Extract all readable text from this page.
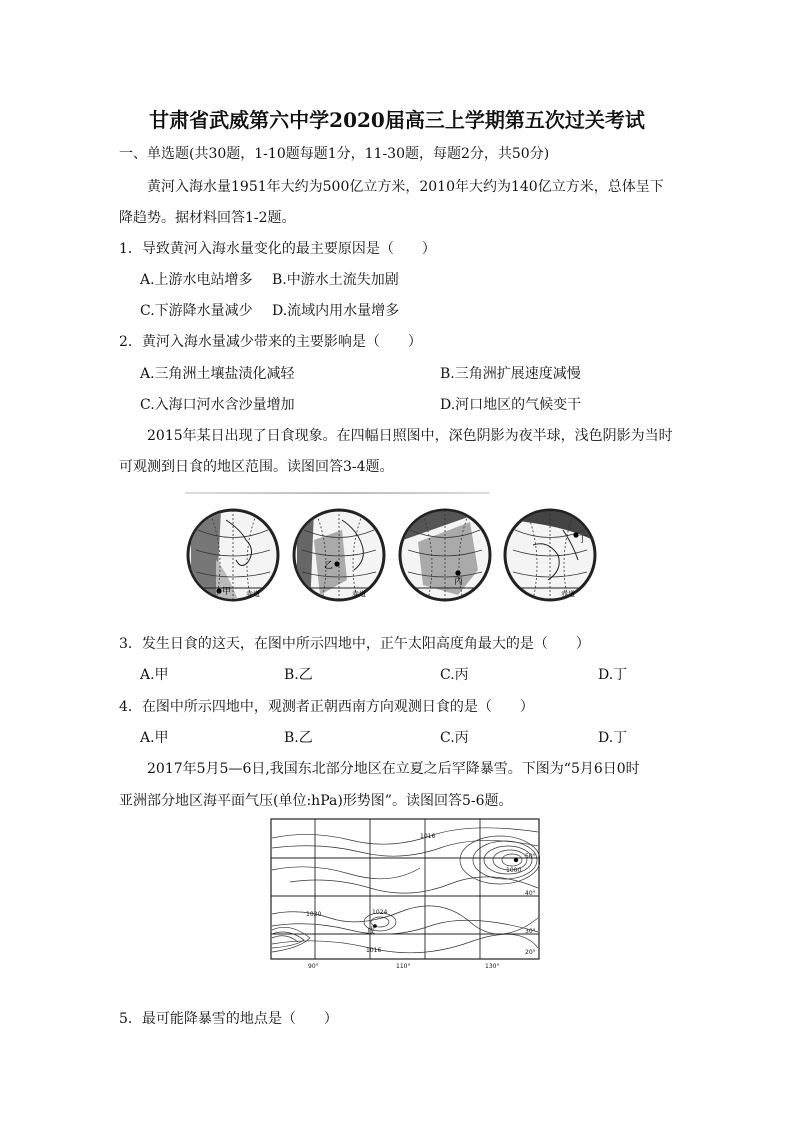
甘肃省武威第六中学2020届高三上学期第五次过关考试
一、单选题(共30题，1-10题每题1分，11-30题，每题2分，共50分)
黄河入海水量1951年大约为500亿立方米，2010年大约为140亿立方米，总体呈下
降趋势。据材料回答1-2题。
1．导致黄河入海水量变化的最主要原因是（　　）
A.上游水电站增多 B.中游水土流失加剧
C.下游降水量减少 D.流域内用水量增多
2．黄河入海水量减少带来的主要影响是（　　）
A.三角洲土壤盐渍化减轻	B.三角洲扩展速度减慢
C.入海口河水含沙量增加	D.河口地区的气候变干
2015年某日出现了日食现象。在四幅日照图中，深色阴影为夜半球，浅色阴影为当时
可观测到日食的地区范围。读图回答3-4题。
甲 赤道
乙
赤道
丙
丁
赤道
3．发生日食的这天，在图中所示四地中，正午太阳高度角最大的是（　　）
A.甲	B.乙	C.丙	D.丁
4．在图中所示四地中，观测者正朝西南方向观测日食的是（　　）
A.甲	B.乙	C.丙	D.丁
2017年5月5—6日,我国东北部分地区在立夏之后罕降暴雪。下图为“5月6日0时
亚洲部分地区海平面气压(单位:hPa)形势图”。读图回答5-6题。
1016
1020	1024
1016
1000
戊
50°
40°
30°
20°
90°	110°	130°
5．最可能降暴雪的地点是（　　）
